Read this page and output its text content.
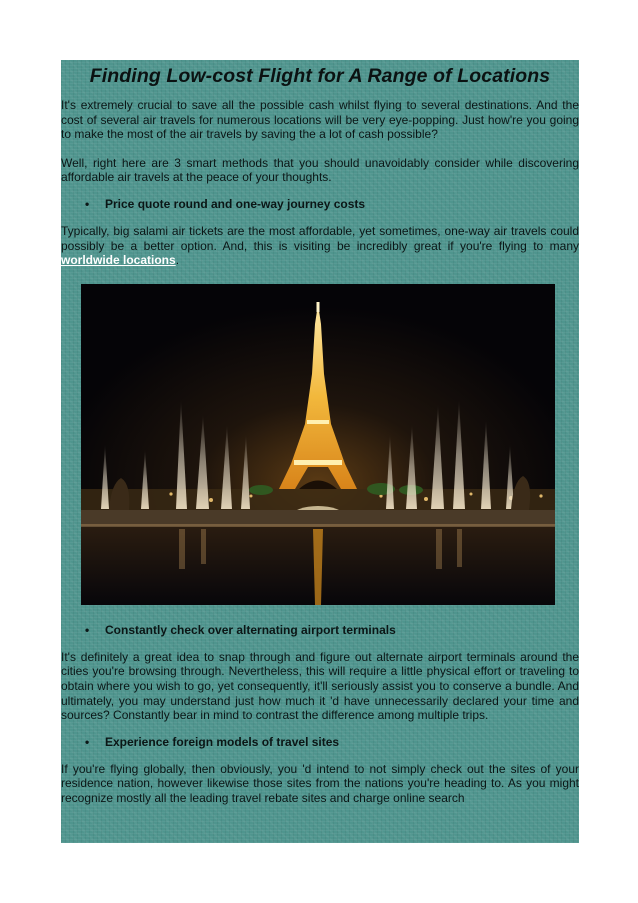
Finding Low-cost Flight for A Range of Locations

It's extremely crucial to save all the possible cash whilst flying to several destinations. And the cost of several air travels for numerous locations will be very eye-popping. Just how're you going to make the most of the air travels by saving the a lot of cash possible?

Well, right here are 3 smart methods that you should unavoidably consider while discovering affordable air travels at the peace of your thoughts.

• Price quote round and one-way journey costs

Typically, big salami air tickets are the most affordable, yet sometimes, one-way air travels could possibly be a better option. And, this is visiting be incredibly great if you're flying to many worldwide locations.

• Constantly check over alternating airport terminals

It's definitely a great idea to snap through and figure out alternate airport terminals around the cities you're browsing through. Nevertheless, this will require a little physical effort or traveling to obtain where you wish to go, yet consequently, it'll seriously assist you to conserve a bundle. And ultimately, you may understand just how much it 'd have unnecessarily declared your time and sources? Constantly bear in mind to contrast the difference among multiple trips.

• Experience foreign models of travel sites

If you're flying globally, then obviously, you 'd intend to not simply check out the sites of your residence nation, however likewise those sites from the nations you're heading to. As you might recognize mostly all the leading travel rebate sites and charge online search
